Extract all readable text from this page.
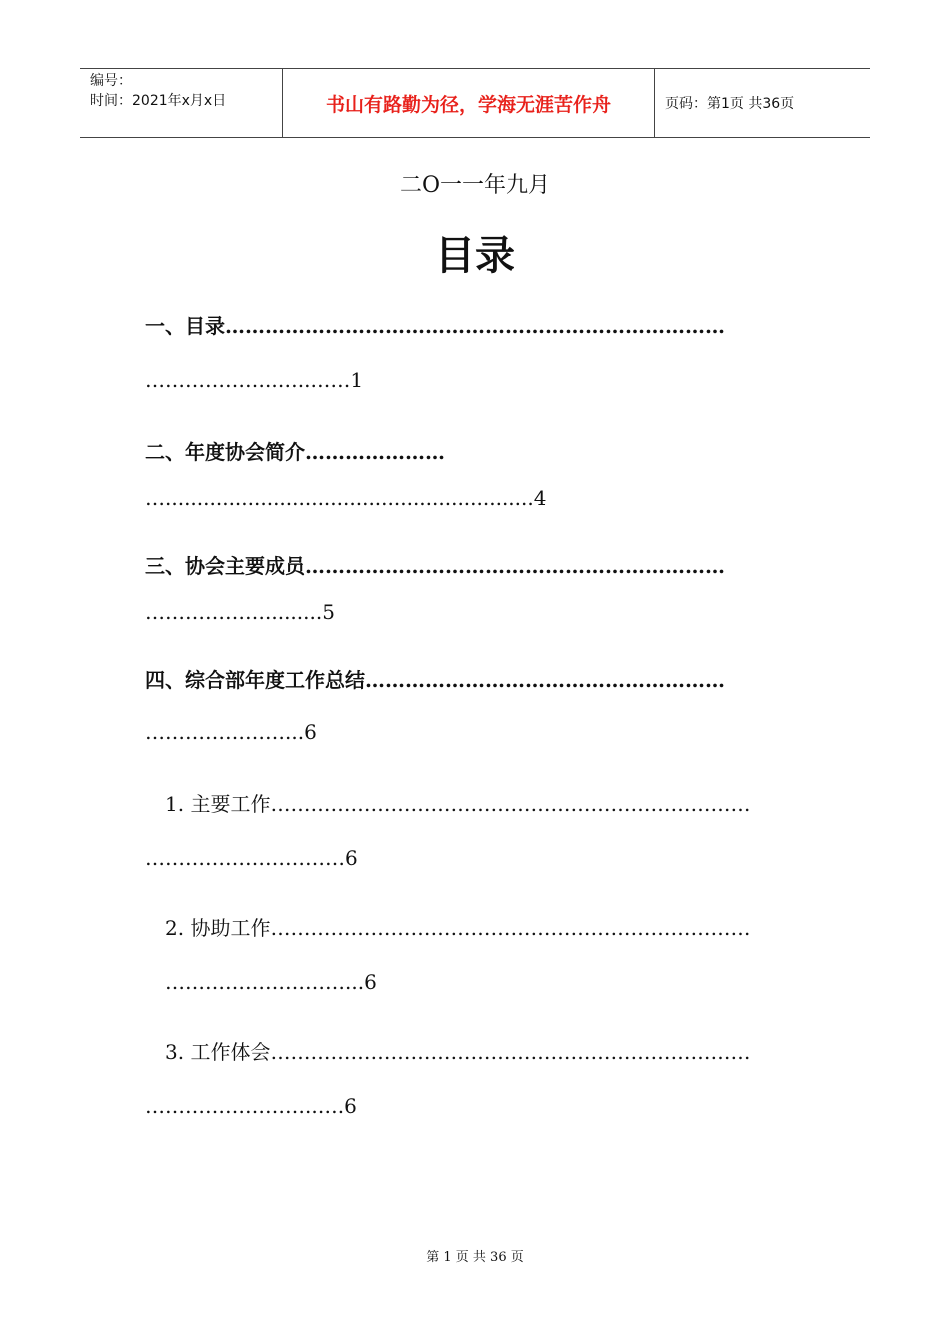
编号：
时间：2021年x月x日	书山有路勤为径，学海无涯苦作舟	页码：第1页 共36页
二O一一年九月
目录
一、目录…………………………………………………………………
………………..…..……1
二、年度协会简介…………………
…..........................................................4
三、协会主要成员………………………………………………………
……………….........5
四、综合部年度工作总结………………………………………………
…………………...6
1. 主要工作………………………………………………………………
…………………………6
2. 协助工作………………………………………………………………
………………………...6
3. 工作体会………………………………………………………………
……………………..….6
第 1 页 共 36 页
